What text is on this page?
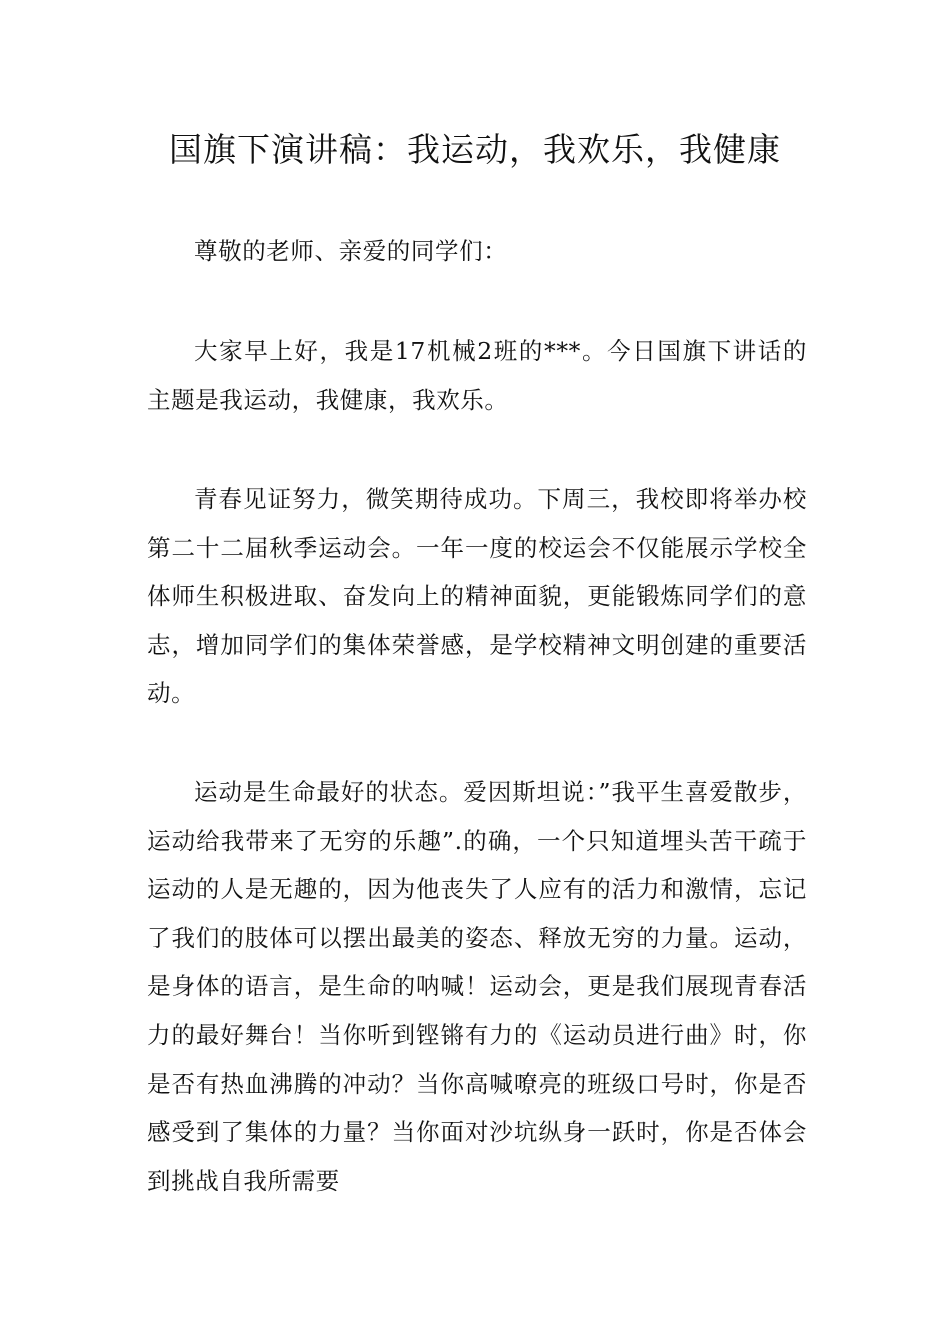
国旗下演讲稿：我运动，我欢乐，我健康

尊敬的老师、亲爱的同学们：

大家早上好，我是17机械2班的***。今日国旗下讲话的主题是我运动，我健康，我欢乐。

青春见证努力，微笑期待成功。下周三，我校即将举办校第二十二届秋季运动会。一年一度的校运会不仅能展示学校全体师生积极进取、奋发向上的精神面貌，更能锻炼同学们的意志，增加同学们的集体荣誉感，是学校精神文明创建的重要活动。

运动是生命最好的状态。爱因斯坦说：”我平生喜爱散步，运动给我带来了无穷的乐趣”.的确，一个只知道埋头苦干疏于运动的人是无趣的，因为他丧失了人应有的活力和激情，忘记了我们的肢体可以摆出最美的姿态、释放无穷的力量。运动，是身体的语言，是生命的呐喊！运动会，更是我们展现青春活力的最好舞台！当你听到铿锵有力的《运动员进行曲》时，你是否有热血沸腾的冲动？当你高喊嘹亮的班级口号时，你是否感受到了集体的力量？当你面对沙坑纵身一跃时，你是否体会到挑战自我所需要
